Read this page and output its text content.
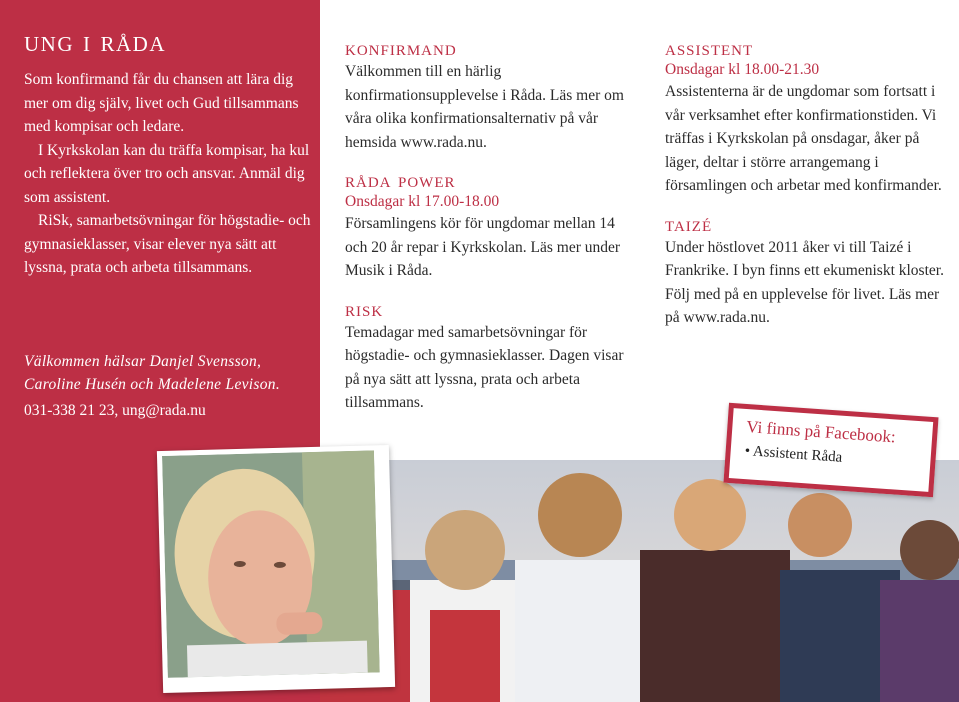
ung i råda

Som konfirmand får du chansen att lära dig mer om dig själv, livet och Gud tillsammans med kompisar och ledare.

I Kyrkskolan kan du träffa kompisar, ha kul och reflektera över tro och ansvar. Anmäl dig som assistent.

RiSk, samarbetsövningar för högstadie- och gymnasieklasser, visar elever nya sätt att lyssna, prata och arbeta tillsammans.

Välkommen hälsar Danjel Svensson, Caroline Husén och Madelene Levison.
031-338 21 23, ung@rada.nu
konfirmand

Välkommen till en härlig konfirmationsupplevelse i Råda. Läs mer om våra olika konfirmationsalternativ på vår hemsida www.rada.nu.

råda power
Onsdagar kl 17.00-18.00

Församlingens kör för ungdomar mellan 14 och 20 år repar i Kyrkskolan. Läs mer under Musik i Råda.

risk

Temadagar med samarbetsövningar för högstadie- och gymnasieklasser. Dagen visar på nya sätt att lyssna, prata och arbeta tillsammans.

assistent
Onsdagar kl 18.00-21.30

Assistenterna är de ungdomar som fortsatt i vår verksamhet efter konfirmationstiden. Vi träffas i Kyrkskolan på onsdagar, åker på läger, deltar i större arrangemang i församlingen och arbetar med konfirmander.

taizé

Under höstlovet 2011 åker vi till Taizé i Frankrike. I byn finns ett ekumeniskt kloster. Följ med på en upplevelse för livet. Läs mer på www.rada.nu.

Vi finns på Facebook:
• Assistent Råda
